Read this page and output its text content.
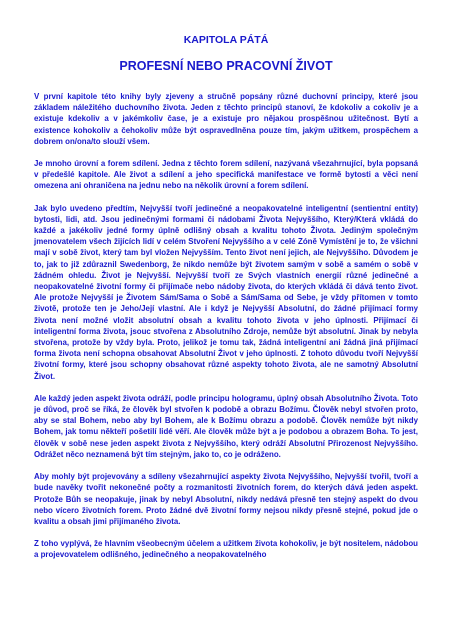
KAPITOLA PÁTÁ
PROFESNÍ NEBO PRACOVNÍ ŽIVOT

V první kapitole této knihy byly zjeveny a stručně popsány různé duchovní principy, které jsou základem náležitého duchovního života. Jeden z těchto principů stanoví, že kdokoliv a cokoliv je a existuje kdekoliv a v jakémkoliv čase, je a existuje pro nějakou prospěšnou užitečnost. Bytí a existence kohokoliv a čehokoliv může být ospravedlněna pouze tím, jakým užitkem, prospěchem a dobrem on/ona/to slouží všem.

Je mnoho úrovní a forem sdílení. Jedna z těchto forem sdílení, nazývaná všezahrnující, byla popsaná v předešlé kapitole. Ale život a sdílení a jeho specifická manifestace ve formě bytosti a věci není omezena ani ohraničena na jednu nebo na několik úrovní a forem sdílení.

Jak bylo uvedeno předtím, Nejvyšší tvoří jedinečné a neopakovatelné inteligentní (sentientní entity) bytosti, lidi, atd. Jsou jedinečnými formami či nádobami Života Nejvyššího, Který/Která vkládá do každé a jakékoliv jedné formy úplně odlišný obsah a kvalitu tohoto Života. Jediným společným jmenovatelem všech žijících lidí v celém Stvoření Nejvyššího a v celé Zóně Vymístění je to, že všichni mají v sobě život, který tam byl vložen Nejvyšším. Tento život není jejich, ale Nejvyššího. Důvodem je to, jak to již zdůraznil Swedenborg, že nikdo nemůže být životem samým v sobě a samém o sobě v žádném ohledu. Život je Nejvyšší. Nejvyšší tvoří ze Svých vlastních energií různé jedinečné a neopakovatelné životní formy či přijímače nebo nádoby života, do kterých vkládá či dává tento život. Ale protože Nejvyšší je Životem Sám/Sama o Sobě a Sám/Sama od Sebe, je vždy přítomen v tomto životě, protože ten je Jeho/Její vlastní. Ale i když je Nejvyšší Absolutní, do žádné přijímací formy života není možné vložit absolutní obsah a kvalitu tohoto života v jeho úplnosti. Přijímací či inteligentní forma života, jsouc stvořena z Absolutního Zdroje, nemůže být absolutní. Jinak by nebyla stvořena, protože by vždy byla. Proto, jelikož je tomu tak, žádná inteligentní ani žádná jiná přijímací forma života není schopna obsahovat Absolutní Život v jeho úplnosti. Z tohoto důvodu tvoří Nejvyšší životní formy, které jsou schopny obsahovat různé aspekty tohoto života, ale ne samotný Absolutní Život.

Ale každý jeden aspekt života odráží, podle principu hologramu, úplný obsah Absolutního Života. Toto je důvod, proč se říká, že člověk byl stvořen k podobě a obrazu Božímu. Člověk nebyl stvořen proto, aby se stal Bohem, nebo aby byl Bohem, ale k Božímu obrazu a podobě. Člověk nemůže být nikdy Bohem, jak tomu někteří pošetilí lidé věří. Ale člověk může být a je podobou a obrazem Boha. To jest, člověk v sobě nese jeden aspekt života z Nejvyššího, který odráží Absolutní Přirozenost Nejvyššího. Odrážet něco neznamená být tím stejným, jako to, co je odráženo.

Aby mohly být projevovány a sdíleny všezahrnující aspekty života Nejvyššího, Nejvyšší tvořil, tvoří a bude navěky tvořit nekonečné počty a rozmanitosti životních forem, do kterých dává jeden aspekt. Protože Bůh se neopakuje, jinak by nebyl Absolutní, nikdy nedává přesně ten stejný aspekt do dvou nebo vícero životních forem. Proto žádné dvě životní formy nejsou nikdy přesně stejné, pokud jde o kvalitu a obsah jimi přijímaného života.

Z toho vyplývá, že hlavním všeobecným účelem a užitkem života kohokoliv, je být nositelem, nádobou a projevovatelem odlišného, jedinečného a neopakovatelného
